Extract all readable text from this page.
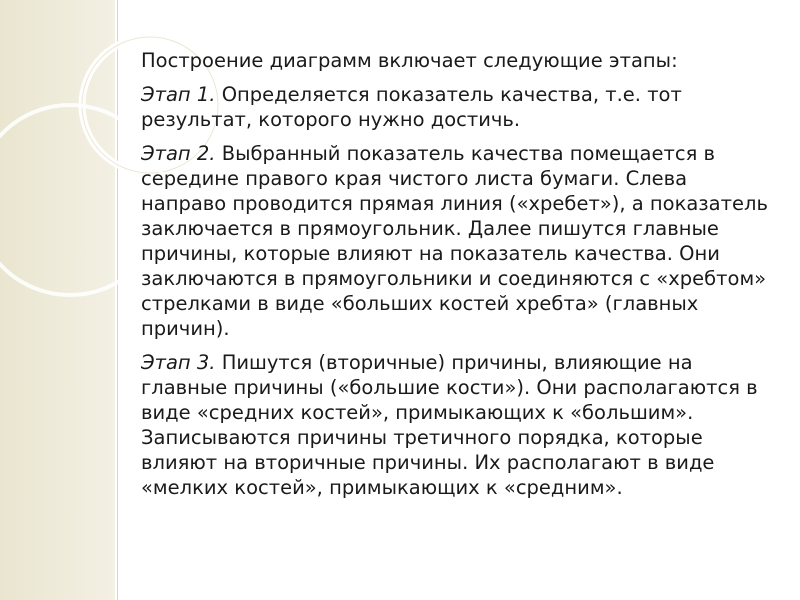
Построение диаграмм включает следующие этапы:

Этап 1. Определяется показатель качества, т.е. тот результат, которого нужно достичь.

Этап 2. Выбранный показатель качества помещается в середине правого края чистого листа бумаги. Слева направо проводится прямая линия («хребет»), а показатель заключается в прямоугольник. Далее пишутся главные причины, которые влияют на показатель качества. Они заключаются в прямоугольники и соединяются с «хребтом» стрелками в виде «больших костей хребта» (главных причин).

Этап 3. Пишутся (вторичные) причины, влияющие на главные причины («большие кости»). Они располагаются в виде «средних костей», примыкающих к «большим». Записываются причины третичного порядка, которые влияют на вторичные причины. Их располагают в виде «мелких костей», примыкающих к «средним».
